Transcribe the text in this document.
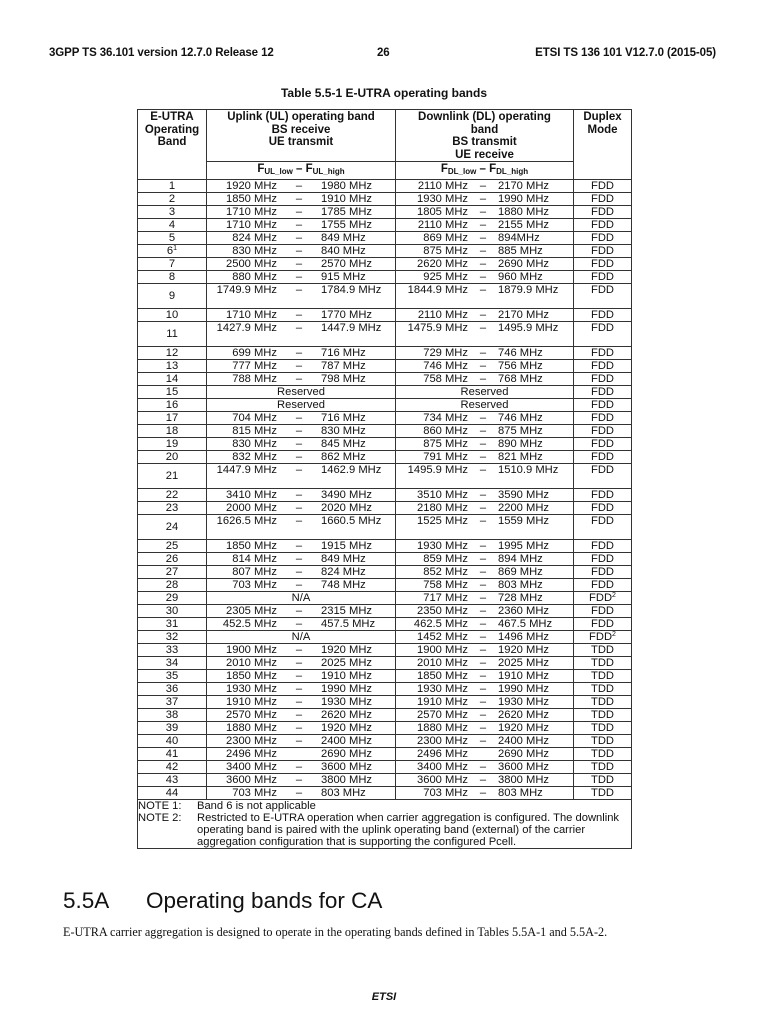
3GPP TS 36.101 version 12.7.0 Release 12	26	ETSI TS 136 101 V12.7.0 (2015-05)
Table 5.5-1 E-UTRA operating bands
E-UTRA
Operating
Band

Uplink (UL) operating band
BS receive
UE transmit

Downlink (DL) operating
band
BS transmit
UE receive

Duplex
Mode

	$F_{UL\_low} - F_{UL\_high}$	$F_{DL\_low} - F_{DL\_high}$
1	1920 MHz – 1980 MHz	2110 MHz – 2170 MHz	FDD
2	1850 MHz – 1910 MHz	1930 MHz – 1990 MHz	FDD
3	1710 MHz – 1785 MHz	1805 MHz – 1880 MHz	FDD
4	1710 MHz – 1755 MHz	2110 MHz – 2155 MHz	FDD
5	824 MHz – 849 MHz	869 MHz – 894MHz	FDD
$6^1$	830 MHz – 840 MHz	875 MHz – 885 MHz	FDD
7	2500 MHz – 2570 MHz	2620 MHz – 2690 MHz	FDD
8	880 MHz – 915 MHz	925 MHz – 960 MHz	FDD
9	1749.9 MHz – 1784.9 MHz	1844.9 MHz – 1879.9 MHz	FDD
10	1710 MHz – 1770 MHz	2110 MHz – 2170 MHz	FDD
11	1427.9 MHz – 1447.9 MHz	1475.9 MHz – 1495.9 MHz	FDD
12	699 MHz – 716 MHz	729 MHz – 746 MHz	FDD
13	777 MHz – 787 MHz	746 MHz – 756 MHz	FDD
14	788 MHz – 798 MHz	758 MHz – 768 MHz	FDD
15	Reserved	Reserved	FDD
16	Reserved	Reserved	FDD
17	704 MHz – 716 MHz	734 MHz – 746 MHz	FDD
18	815 MHz – 830 MHz	860 MHz – 875 MHz	FDD
19	830 MHz – 845 MHz	875 MHz – 890 MHz	FDD
20	832 MHz – 862 MHz	791 MHz – 821 MHz	FDD
21	1447.9 MHz – 1462.9 MHz	1495.9 MHz – 1510.9 MHz	FDD
22	3410 MHz – 3490 MHz	3510 MHz – 3590 MHz	FDD
23	2000 MHz – 2020 MHz	2180 MHz – 2200 MHz	FDD
24	1626.5 MHz – 1660.5 MHz	1525 MHz – 1559 MHz	FDD
25	1850 MHz – 1915 MHz	1930 MHz – 1995 MHz	FDD
26	814 MHz – 849 MHz	859 MHz – 894 MHz	FDD
27	807 MHz – 824 MHz	852 MHz – 869 MHz	FDD
28	703 MHz – 748 MHz	758 MHz – 803 MHz	FDD
29	N/A	717 MHz – 728 MHz	FDD$^2$
30	2305 MHz – 2315 MHz	2350 MHz – 2360 MHz	FDD
31	452.5 MHz – 457.5 MHz	462.5 MHz – 467.5 MHz	FDD
32	N/A	1452 MHz – 1496 MHz	FDD$^2$
33	1900 MHz – 1920 MHz	1900 MHz – 1920 MHz	TDD
34	2010 MHz – 2025 MHz	2010 MHz – 2025 MHz	TDD
35	1850 MHz – 1910 MHz	1850 MHz – 1910 MHz	TDD
36	1930 MHz – 1990 MHz	1930 MHz – 1990 MHz	TDD
37	1910 MHz – 1930 MHz	1910 MHz – 1930 MHz	TDD
38	2570 MHz – 2620 MHz	2570 MHz – 2620 MHz	TDD
39	1880 MHz – 1920 MHz	1880 MHz – 1920 MHz	TDD
40	2300 MHz – 2400 MHz	2300 MHz – 2400 MHz	TDD
41	2496 MHz 2690 MHz	2496 MHz 2690 MHz	TDD
42	3400 MHz – 3600 MHz	3400 MHz – 3600 MHz	TDD
43	3600 MHz – 3800 MHz	3600 MHz – 3800 MHz	TDD
44	703 MHz – 803 MHz	703 MHz – 803 MHz	TDD

NOTE 1: Band 6 is not applicable
NOTE 2: Restricted to E-UTRA operation when carrier aggregation is configured. The downlink operating band is paired with the uplink operating band (external) of the carrier aggregation configuration that is supporting the configured Pcell.			
5.5A Operating bands for CA
E-UTRA carrier aggregation is designed to operate in the operating bands defined in Tables 5.5A-1 and 5.5A-2.
ETSI
